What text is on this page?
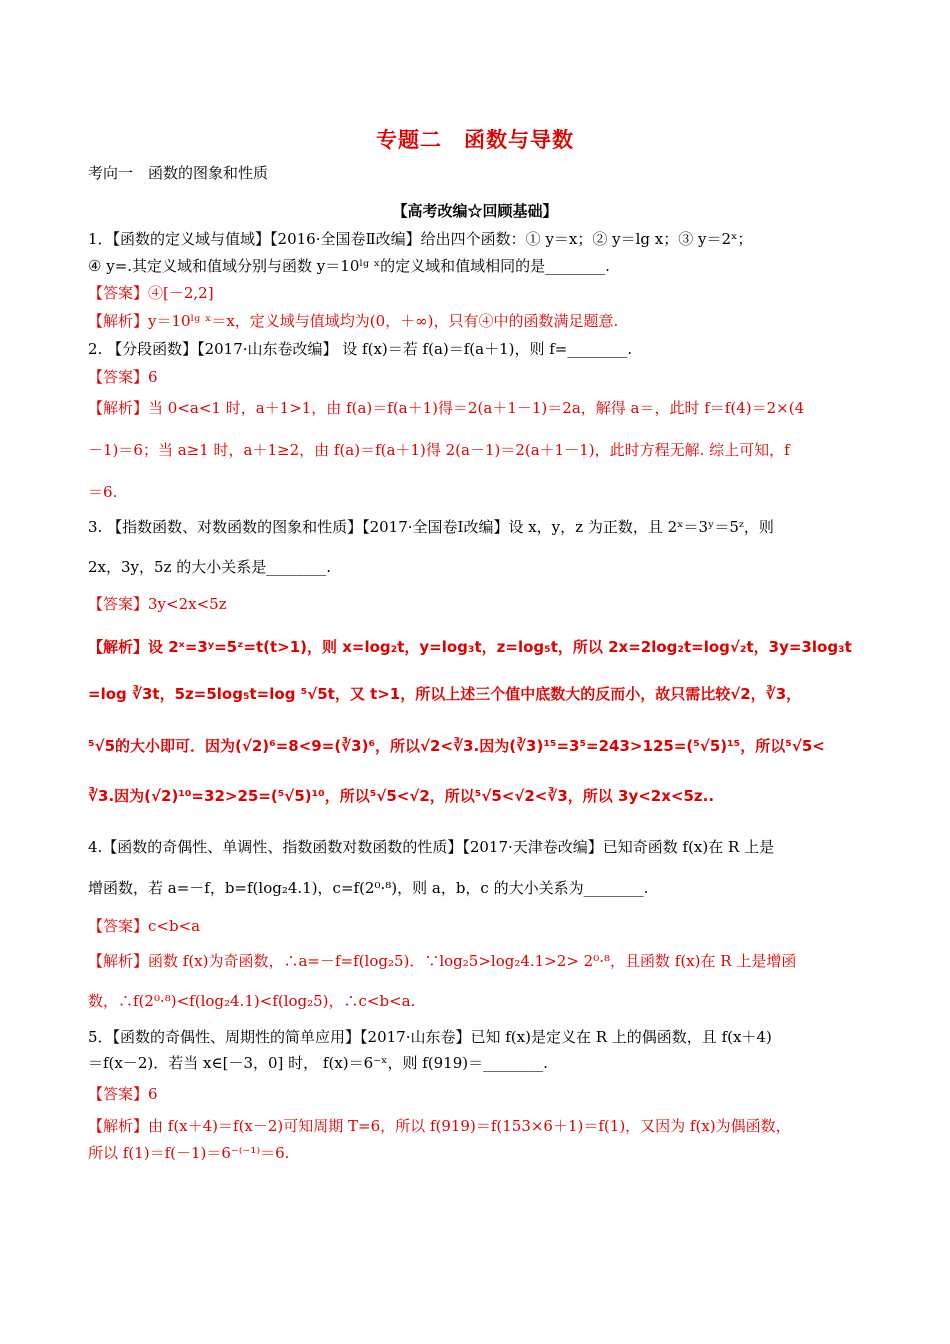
专题二　函数与导数
考向一　函数的图象和性质
【高考改编☆回顾基础】
1．【函数的定义域与值域】【2016·全国卷Ⅱ改编】给出四个函数：① y＝x；② y＝lg x；③ y＝2ˣ；
④ y=.其定义域和值域分别与函数 y＝10ˡᵍ ˣ的定义域和值域相同的是________.
【答案】④[－2,2]
【解析】y＝10ˡᵍ ˣ＝x，定义域与值域均为(0，＋∞)，只有④中的函数满足题意.
2. 【分段函数】【2017·山东卷改编】 设 f(x)＝若 f(a)＝f(a＋1)，则 f=________.
【答案】6
【解析】当 0<a<1 时，a＋1>1，由 f(a)＝f(a＋1)得＝2(a＋1－1)＝2a，解得 a＝，此时 f＝f(4)＝2×(4
－1)＝6；当 a≥1 时，a＋1≥2，由 f(a)＝f(a＋1)得 2(a－1)＝2(a＋1－1)，此时方程无解. 综上可知，f
＝6.
3. 【指数函数、对数函数的图象和性质】【2017·全国卷Ⅰ改编】设 x，y，z 为正数，且 2ˣ＝3ʸ＝5ᶻ，则
2x，3y，5z 的大小关系是________.
【答案】3y<2x<5z
【解析】设 2ˣ=3ʸ=5ᶻ=t(t>1)，则 x=log₂t，y=log₃t，z=log₅t，所以 2x=2log₂t=log√₂t，3y=3log₃t
=log ∛3t，5z=5log₅t=log ⁵√5t，又 t>1，所以上述三个值中底数大的反而小，故只需比较√2，∛3，
⁵√5的大小即可．因为(√2)⁶=8<9=(∛3)⁶，所以√2<∛3.因为(∛3)¹⁵=3⁵=243>125=(⁵√5)¹⁵，所以⁵√5<
∛3.因为(√2)¹⁰=32>25=(⁵√5)¹⁰，所以⁵√5<√2，所以⁵√5<√2<∛3，所以 3y<2x<5z..
4.【函数的奇偶性、单调性、指数函数对数函数的性质】【2017·天津卷改编】已知奇函数 f(x)在 R 上是
增函数，若 a=－f，b=f(log₂4.1)，c=f(2⁰·⁸)，则 a，b，c 的大小关系为________.
【答案】c<b<a
【解析】函数 f(x)为奇函数，∴a=－f=f(log₂5)．∵log₂5>log₂4.1>2> 2⁰·⁸，且函数 f(x)在 R 上是增函
数，∴f(2⁰·⁸)<f(log₂4.1)<f(log₂5)，∴c<b<a.
5．【函数的奇偶性、周期性的简单应用】【2017·山东卷】已知 f(x)是定义在 R 上的偶函数，且 f(x＋4)
＝f(x－2)．若当 x∈[－3，0] 时， f(x)＝6⁻ˣ，则 f(919)＝________.
【答案】6
【解析】由 f(x＋4)＝f(x－2)可知周期 T=6，所以 f(919)＝f(153×6＋1)＝f(1)，又因为 f(x)为偶函数，
所以 f(1)＝f(－1)＝6⁻⁽⁻¹⁾＝6.
